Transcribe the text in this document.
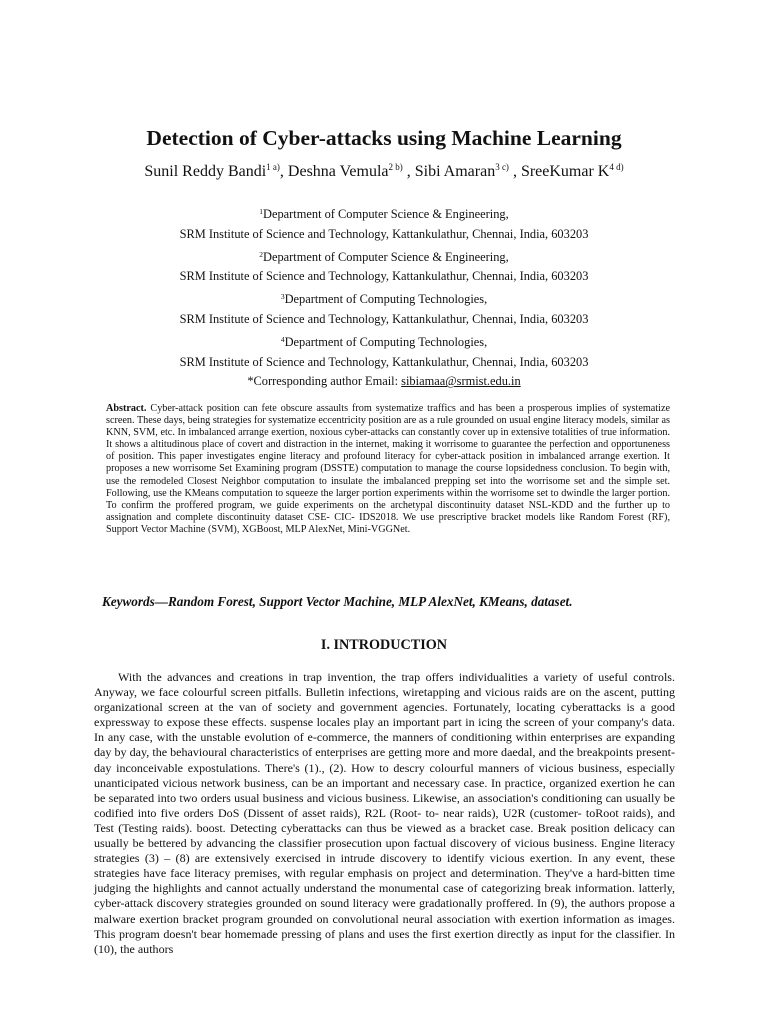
Detection of Cyber-attacks using Machine Learning
Sunil Reddy Bandi$^{1 a)}$, Deshna Vemula$^{2 b)}$ , Sibi Amaran$^{3 c)}$ , SreeKumar $K^{4 d)}$
$^1$Department of Computer Science & Engineering,
SRM Institute of Science and Technology, Kattankulathur, Chennai, India, 603203
$^2$Department of Computer Science & Engineering,
SRM Institute of Science and Technology, Kattankulathur, Chennai, India, 603203
$^3$Department of Computing Technologies,
SRM Institute of Science and Technology, Kattankulathur, Chennai, India, 603203
$^4$Department of Computing Technologies,
SRM Institute of Science and Technology, Kattankulathur, Chennai, India, 603203
*Corresponding author Email: sibiamaa@srmist.edu.in
Abstract. Cyber-attack position can fete obscure assaults from systematize traffics and has been a prosperous implies of systematize screen. These days, being strategies for systematize eccentricity position are as a rule grounded on usual engine literacy models, similar as KNN, SVM, etc. In imbalanced arrange exertion, noxious cyber-attacks can constantly cover up in extensive totalities of true information. It shows a altitudinous place of covert and distraction in the internet, making it worrisome to guarantee the perfection and opportuneness of position. This paper investigates engine literacy and profound literacy for cyber-attack position in imbalanced arrange exertion. It proposes a new worrisome Set Examining program (DSSTE) computation to manage the course lopsidedness conclusion. To begin with, use the remodeled Closest Neighbor computation to insulate the imbalanced prepping set into the worrisome set and the simple set. Following, use the KMeans computation to squeeze the larger portion experiments within the worrisome set to dwindle the larger portion. To confirm the proffered program, we guide experiments on the archetypal discontinuity dataset NSL-KDD and the further up to assignation and complete discontinuity dataset CSE- CIC- IDS2018. We use prescriptive bracket models like Random Forest (RF), Support Vector Machine (SVM), XGBoost, MLP AlexNet, Mini-VGGNet.
Keywords—Random Forest, Support Vector Machine, MLP AlexNet, KMeans, dataset.
I. INTRODUCTION

With the advances and creations in trap invention, the trap offers individualities a variety of useful controls. Anyway, we face colourful screen pitfalls. Bulletin infections, wiretapping and vicious raids are on the ascent, putting organizational screen at the van of society and government agencies. Fortunately, locating cyberattacks is a good expressway to expose these effects. suspense locales play an important part in icing the screen of your company's data. In any case, with the unstable evolution of e-commerce, the manners of conditioning within enterprises are expanding day by day, the behavioural characteristics of enterprises are getting more and more daedal, and the breakpoints present-day inconceivable expostulations. There's (1)., (2). How to descry colourful manners of vicious business, especially unanticipated vicious network business, can be an important and necessary case. In practice, organized exertion he can be separated into two orders usual business and vicious business. Likewise, an association's conditioning can usually be codified into five orders DoS (Dissent of asset raids), R2L (Root- to- near raids), U2R (customer- toRoot raids), and Test (Testing raids). boost. Detecting cyberattacks can thus be viewed as a bracket case. Break position delicacy can usually be bettered by advancing the classifier prosecution upon factual discovery of vicious business. Engine literacy strategies (3) – (8) are extensively exercised in intrude discovery to identify vicious exertion. In any event, these strategies have face literacy premises, with regular emphasis on project and determination. They've a hard-bitten time judging the highlights and cannot actually understand the monumental case of categorizing break information. latterly, cyber-attack discovery strategies grounded on sound literacy were gradationally proffered. In (9), the authors propose a malware exertion bracket program grounded on convolutional neural association with exertion information as images. This program doesn't bear homemade pressing of plans and uses the first exertion directly as input for the classifier. In (10), the authors
